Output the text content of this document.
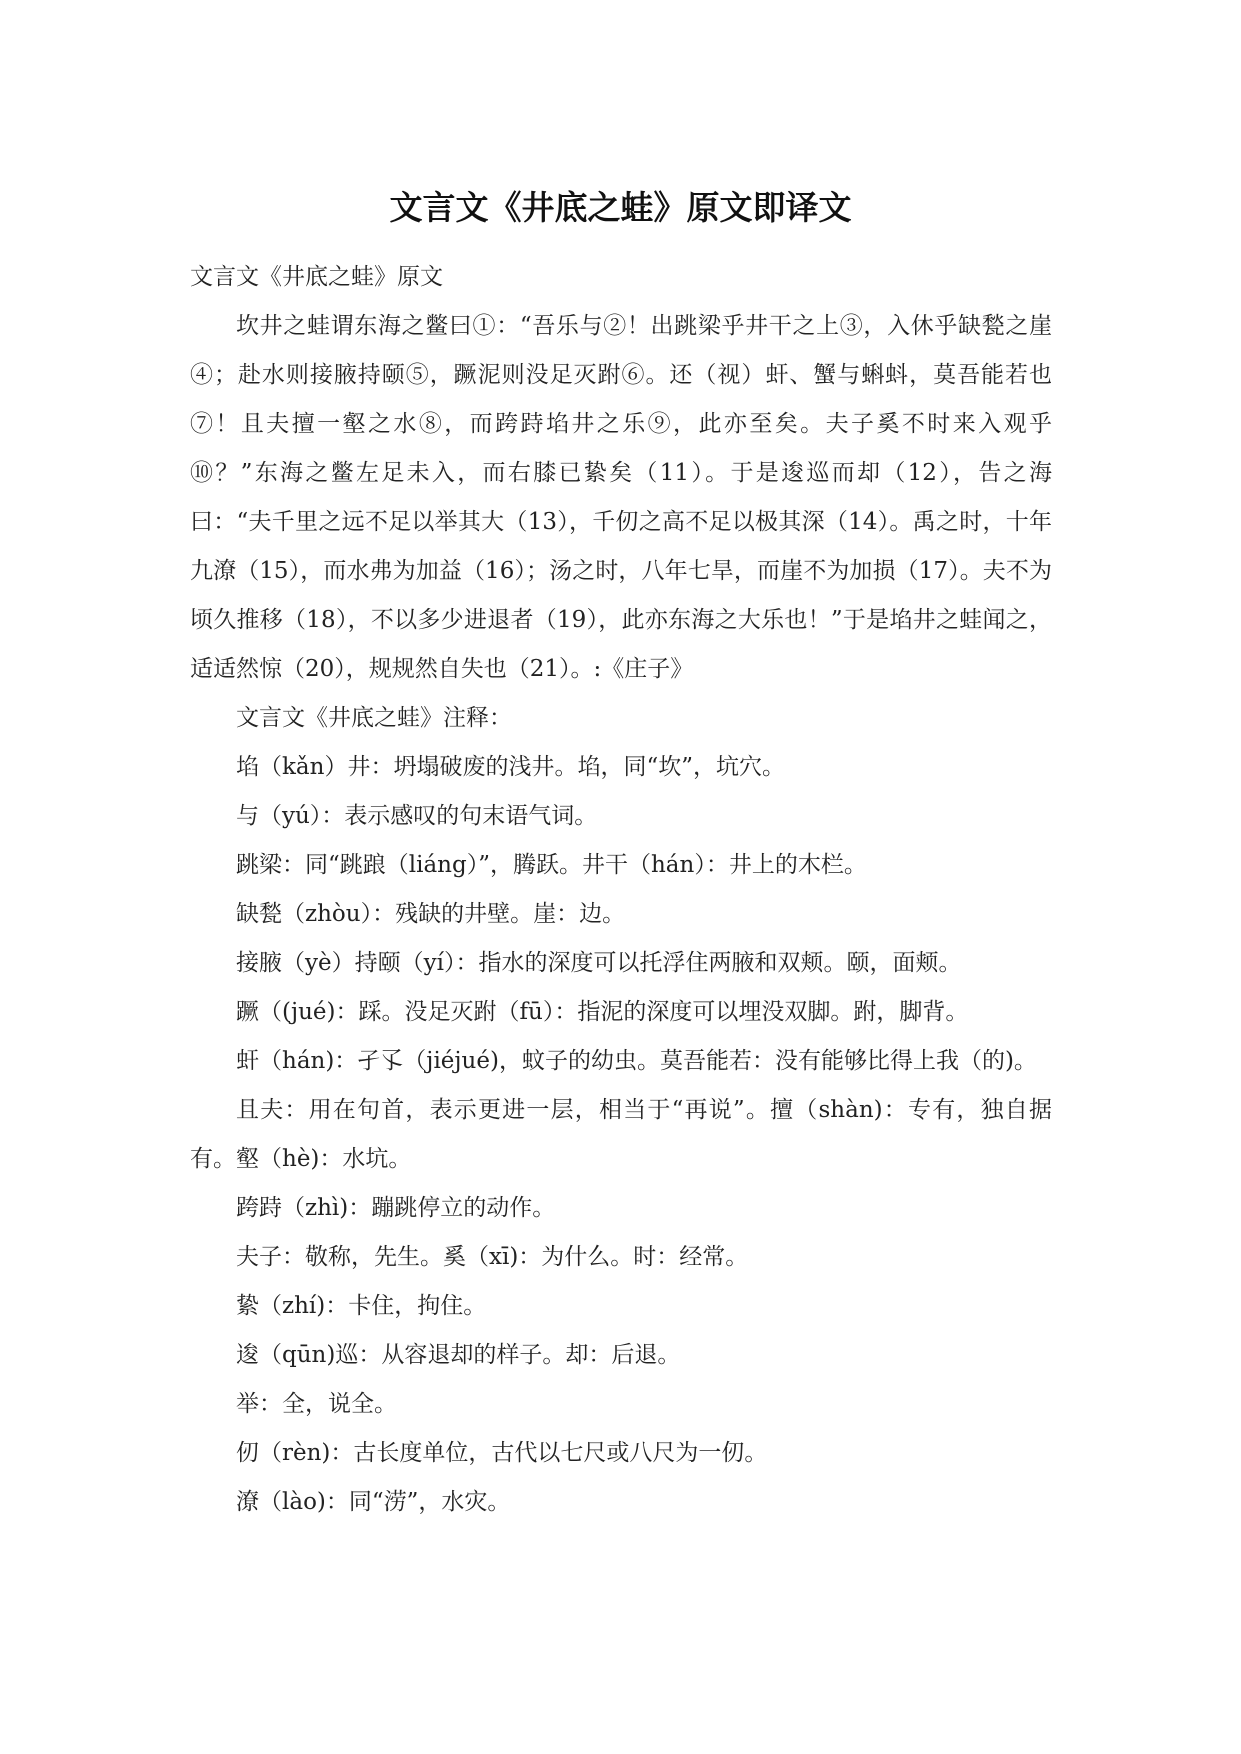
文言文《井底之蛙》原文即译文

文言文《井底之蛙》原文

坎井之蛙谓东海之鳖曰①：“吾乐与②！出跳梁乎井干之上③，入休乎缺甃之崖④；赴水则接腋持颐⑤，蹶泥则没足灭跗⑥。还（视）虷、蟹与蝌蚪，莫吾能若也⑦！且夫擅一壑之水⑧，而跨跱埳井之乐⑨，此亦至矣。夫子奚不时来入观乎⑩？”东海之鳖左足未入，而右膝已絷矣（11）。于是逡巡而却（12），告之海曰：“夫千里之远不足以举其大（13），千仞之高不足以极其深（14）。禹之时，十年九潦（15），而水弗为加益（16）；汤之时，八年七旱，而崖不为加损（17）。夫不为顷久推移（18），不以多少进退者（19），此亦东海之大乐也！”于是埳井之蛙闻之，适适然惊（20），规规然自失也（21）。:《庄子》

文言文《井底之蛙》注释：

埳（kǎn）井：坍塌破废的浅井。埳，同“坎”，坑穴。

与（yú）：表示感叹的句末语气词。

跳梁：同“跳踉（liáng）”，腾跃。井干（hán）：井上的木栏。

缺甃（zhòu）：残缺的井壁。崖：边。

接腋（yè）持颐（yí）：指水的深度可以托浮住两腋和双颊。颐，面颊。

蹶（(jué)：踩。没足灭跗（fū）：指泥的深度可以埋没双脚。跗，脚背。

虷（hán)：孑孓（jiéjué)，蚊子的幼虫。莫吾能若：没有能够比得上我（的)。

且夫：用在句首，表示更进一层，相当于“再说”。擅（shàn)：专有，独自据有。壑（hè)：水坑。

跨跱（zhì)：蹦跳停立的动作。

夫子：敬称，先生。奚（xī)：为什么。时：经常。

絷（zhí)：卡住，拘住。

逡（qūn)巡：从容退却的样子。却：后退。

举：全，说全。

仞（rèn)：古长度单位，古代以七尺或八尺为一仞。

潦（lào)：同“涝”，水灾。
